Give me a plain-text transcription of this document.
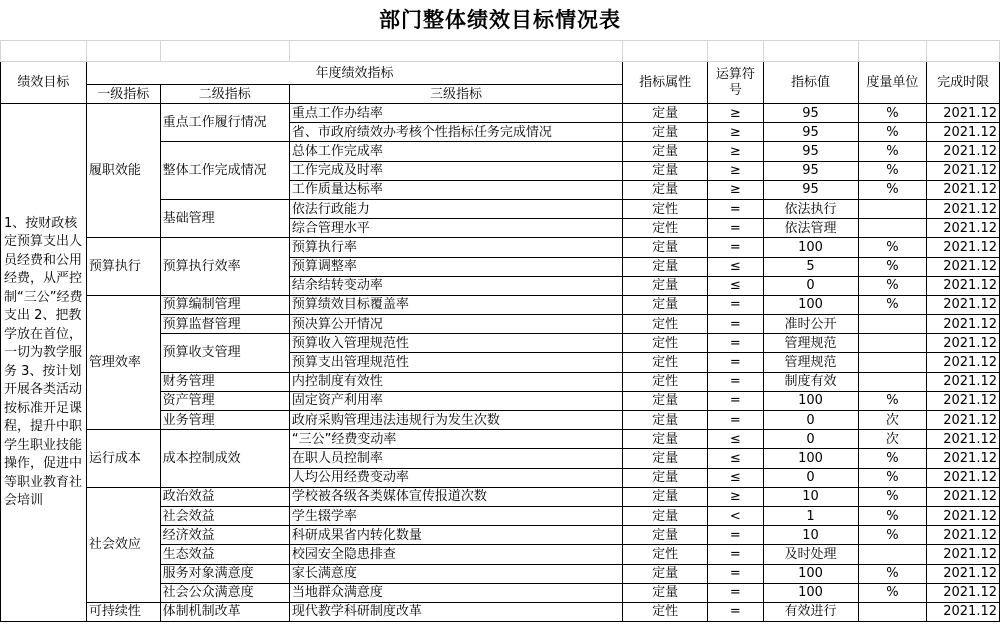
部门整体绩效目标情况表

绩效目标	年度绩效指标			指标属性	运算符号	指标值	度量单位	完成时限
	一级指标	二级指标	三级指标					
1、按财政核定预算支出人员经费和公用经费，从严控制“三公”经费支出 2、把教学放在首位，一切为教学服务 3、按计划开展各类活动按标准开足课程，提升中职学生职业技能操作，促进中等职业教育社会培训	履职效能	重点工作履行情况	重点工作办结率	定量	≥	95	%	2021.12
			省、市政府绩效办考核个性指标任务完成情况	定量	≥	95	%	2021.12
		整体工作完成情况	总体工作完成率	定量	≥	95	%	2021.12
			工作完成及时率	定量	≥	95	%	2021.12
			工作质量达标率	定量	≥	95	%	2021.12
		基础管理	依法行政能力	定性	=	依法执行		2021.12
			综合管理水平	定性	=	依法管理		2021.12
	预算执行	预算执行效率	预算执行率	定量	=	100	%	2021.12
			预算调整率	定量	≤	5	%	2021.12
			结余结转变动率	定量	≤	0	%	2021.12
	管理效率	预算编制管理	预算绩效目标覆盖率	定量	=	100	%	2021.12
		预算监督管理	预决算公开情况	定性	=	准时公开		2021.12
		预算收支管理	预算收入管理规范性	定性	=	管理规范		2021.12
			预算支出管理规范性	定性	=	管理规范		2021.12
		财务管理	内控制度有效性	定性	=	制度有效		2021.12
		资产管理	固定资产利用率	定量	=	100	%	2021.12
		业务管理	政府采购管理违法违规行为发生次数	定量	=	0	次	2021.12
	运行成本	成本控制成效	“三公”经费变动率	定量	≤	0	次	2021.12
			在职人员控制率	定量	≤	100	%	2021.12
			人均公用经费变动率	定量	≤	0	%	2021.12
	社会效应	政治效益	学校被各级各类媒体宣传报道次数	定量	≥	10	%	2021.12
		社会效益	学生辍学率	定量	<	1	%	2021.12
		经济效益	科研成果省内转化数量	定量	=	10	%	2021.12
		生态效益	校园安全隐患排查	定性	=	及时处理		2021.12
		服务对象满意度	家长满意度	定量	=	100	%	2021.12
		社会公众满意度	当地群众满意度	定量	=	100	%	2021.12
	可持续性	体制机制改革	现代教学科研制度改革	定性	=	有效进行		2021.12
